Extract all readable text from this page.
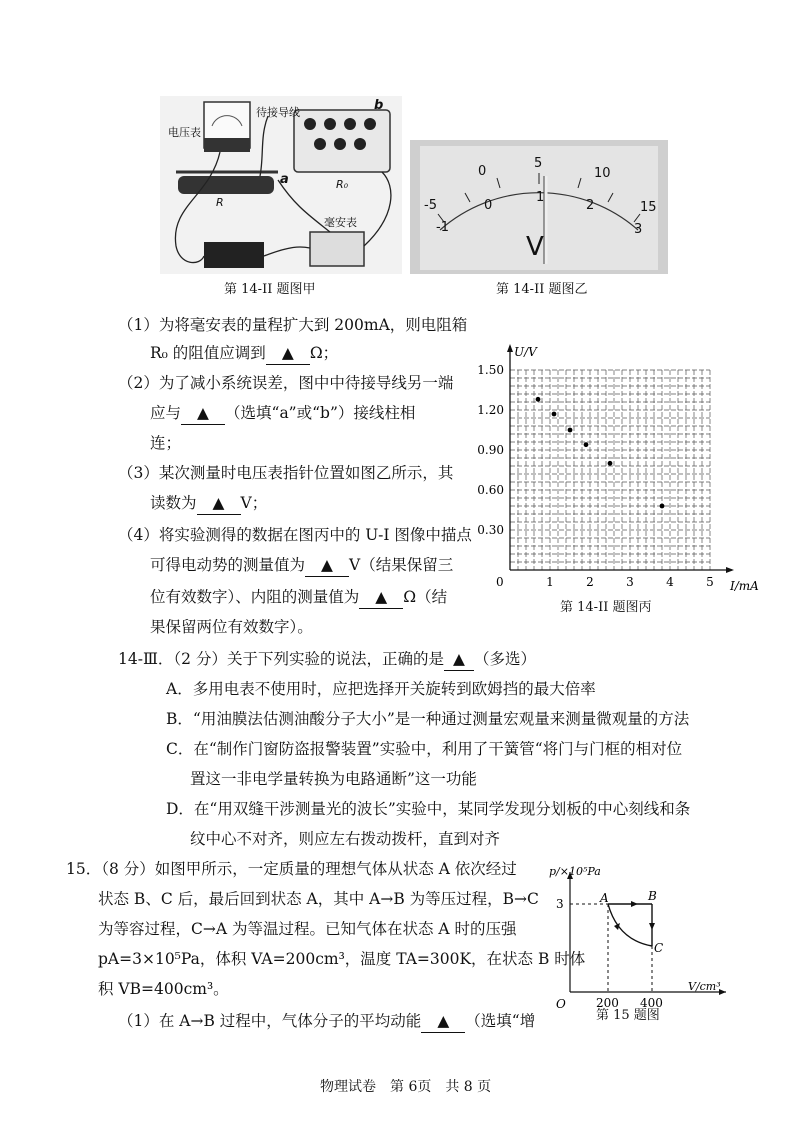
电压表
待接导线	b
a
R
R₀
毫安表
第 14-II 题图甲
-5
0
5
10
15
-1
0
1
2
3
V
第 14-II 题图乙
（1）为将毫安表的量程扩大到 200mA，则电阻箱
R₀ 的阻值应调到 ▲ Ω；
（2）为了减小系统误差，图中中待接导线另一端
应与 ▲ （选填“a”或“b”）接线柱相
连；
（3）某次测量时电压表指针位置如图乙所示，其
读数为 ▲ V；
（4）将实验测得的数据在图丙中的 U-I 图像中描点
可得电动势的测量值为 ▲ V（结果保留三
位有效数字）、内阻的测量值为 ▲ Ω（结
果保留两位有效数字）。
U/V
I/mA
0
1.50
1.20
0.90
0.60
0.30
1	2	3	4	5
第 14-II 题图丙
14-Ⅲ．（2 分）关于下列实验的说法，正确的是 ▲ （多选）
A．多用电表不使用时，应把选择开关旋转到欧姆挡的最大倍率
B．“用油膜法估测油酸分子大小”是一种通过测量宏观量来测量微观量的方法
C．在“制作门窗防盗报警装置”实验中，利用了干簧管“将门与门框的相对位
置这一非电学量转换为电路通断”这一功能
D．在“用双缝干涉测量光的波长”实验中，某同学发现分划板的中心刻线和条
纹中心不对齐，则应左右拨动拨杆，直到对齐
15．（8 分）如图甲所示，一定质量的理想气体从状态 A 依次经过
状态 B、C 后，最后回到状态 A，其中 A→B 为等压过程，B→C
为等容过程，C→A 为等温过程。已知气体在状态 A 时的压强
pA=3×10⁵Pa，体积 VA=200cm³，温度 TA=300K，在状态 B 时体
积 VB=400cm³。
（1）在 A→B 过程中，气体分子的平均动能 ▲ （选填“增
p/×10⁵Pa
V/cm³
O
3
200 400
A	B
C
第 15 题图
物理试卷　第 6页　共 8 页
